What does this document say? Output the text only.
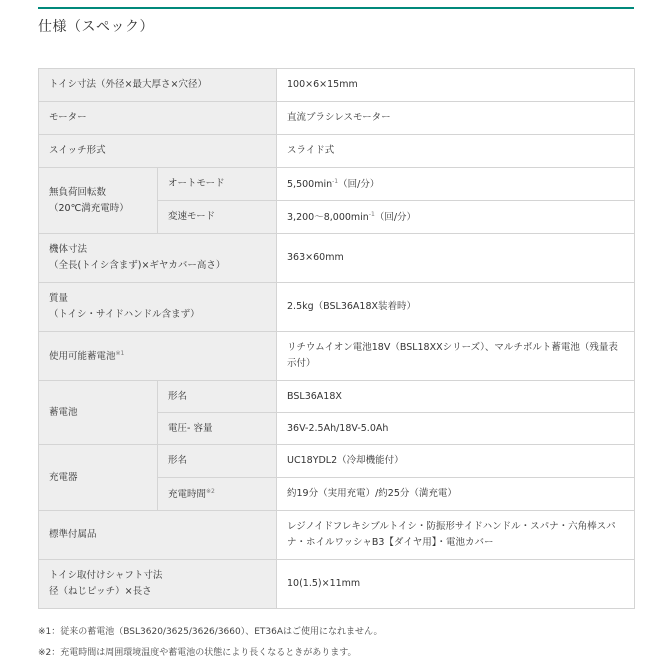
仕様（スペック）
トイシ寸法（外径×最大厚さ×穴径）		100×6×15mm
モーター		直流ブラシレスモーター
スイッチ形式		スライド式
無負荷回転数
（20℃満充電時）	オートモード	$5,500\min^{-1}$（回/分）
	変速モード	$3,200\sim 8,000\min^{-1}$（回/分）
機体寸法
（全長(トイシ含まず)×ギヤカバー高さ）		363×60mm
質量
（トイシ・サイドハンドル含まず）		2.5kg（BSL36A18X装着時）
使用可能蓄電池$^{※1}$		リチウムイオン電池18V（BSL18XXシリーズ）、マルチボルト蓄電池（残量表示付）
蓄電池	形名	BSL36A18X
	電圧- 容量	36V-2.5Ah/18V-5.0Ah
充電器	形名	UC18YDL2（冷却機能付）
	充電時間$^{※2}$	約19分（実用充電）/約25分（満充電）
標準付属品		レジノイドフレキシブルトイシ・防振形サイドハンドル・スパナ・六角棒スパナ・ホイルワッシャB3【ダイヤ用】・電池カバー
トイシ取付けシャフト寸法
径（ねじピッチ）×長さ		10(1.5)×11mm
※1：従来の蓄電池（BSL3620/3625/3626/3660）、ET36Aはご使用になれません。
※2：充電時間は周囲環境温度や蓄電池の状態により長くなるときがあります。
